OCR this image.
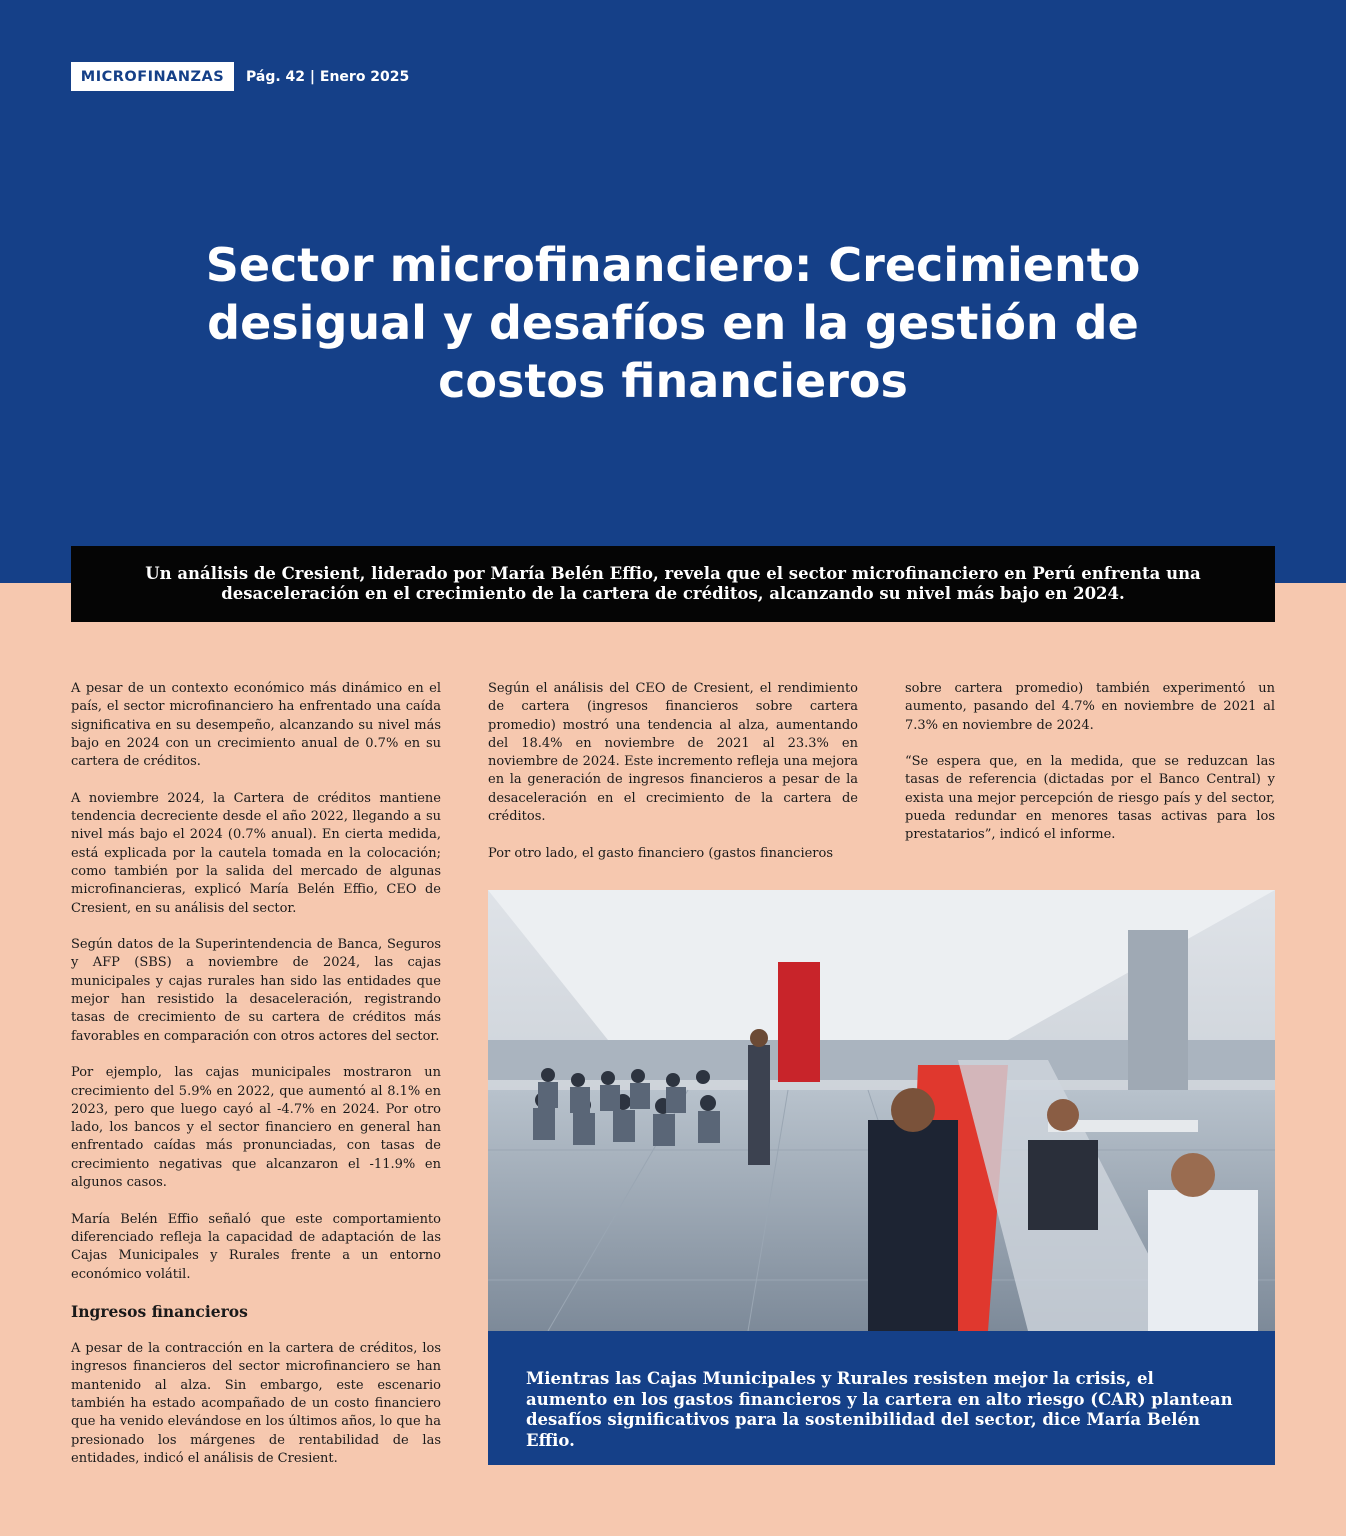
MICROFINANZAS	Pág. 42 | Enero 2025
Sector microfinanciero: Crecimiento desigual y desafíos en la gestión de costos financieros
Un análisis de Cresient, liderado por María Belén Effio, revela que el sector microfinanciero en Perú enfrenta una desaceleración en el crecimiento de la cartera de créditos, alcanzando su nivel más bajo en 2024.

A pesar de un contexto económico más dinámico en el país, el sector microfinanciero ha enfrentado una caída significativa en su desempeño, alcanzando su nivel más bajo en 2024 con un crecimiento anual de 0.7% en su cartera de créditos.

A noviembre 2024, la Cartera de créditos mantiene tendencia decreciente desde el año 2022, llegando a su nivel más bajo el 2024 (0.7% anual). En cierta medida, está explicada por la cautela tomada en la colocación; como también por la salida del mercado de algunas microfinancieras, explicó María Belén Effio, CEO de Cresient, en su análisis del sector.

Según datos de la Superintendencia de Banca, Seguros y AFP (SBS) a noviembre de 2024, las cajas municipales y cajas rurales han sido las entidades que mejor han resistido la desaceleración, registrando tasas de crecimiento de su cartera de créditos más favorables en comparación con otros actores del sector.

Por ejemplo, las cajas municipales mostraron un crecimiento del 5.9% en 2022, que aumentó al 8.1% en 2023, pero que luego cayó al -4.7% en 2024. Por otro lado, los bancos y el sector financiero en general han enfrentado caídas más pronunciadas, con tasas de crecimiento negativas que alcanzaron el -11.9% en algunos casos.

María Belén Effio señaló que este comportamiento diferenciado refleja la capacidad de adaptación de las Cajas Municipales y Rurales frente a un entorno económico volátil.

Ingresos financieros

A pesar de la contracción en la cartera de créditos, los ingresos financieros del sector microfinanciero se han mantenido al alza. Sin embargo, este escenario también ha estado acompañado de un costo financiero que ha venido elevándose en los últimos años, lo que ha presionado los márgenes de rentabilidad de las entidades, indicó el análisis de Cresient.

Según el análisis del CEO de Cresient, el rendimiento de cartera (ingresos financieros sobre cartera promedio) mostró una tendencia al alza, aumentando del 18.4% en noviembre de 2021 al 23.3% en noviembre de 2024. Este incremento refleja una mejora en la generación de ingresos financieros a pesar de la desaceleración en el crecimiento de la cartera de créditos.

Por otro lado, el gasto financiero (gastos financieros

sobre cartera promedio) también experimentó un aumento, pasando del 4.7% en noviembre de 2021 al 7.3% en noviembre de 2024.

“Se espera que, en la medida, que se reduzcan las tasas de referencia (dictadas por el Banco Central) y exista una mejor percepción de riesgo país y del sector, pueda redundar en menores tasas activas para los prestatarios”, indicó el informe.

Mientras las Cajas Municipales y Rurales resisten mejor la crisis, el aumento en los gastos financieros y la cartera en alto riesgo (CAR) plantean desafíos significativos para la sostenibilidad del sector, dice María Belén Effio.
